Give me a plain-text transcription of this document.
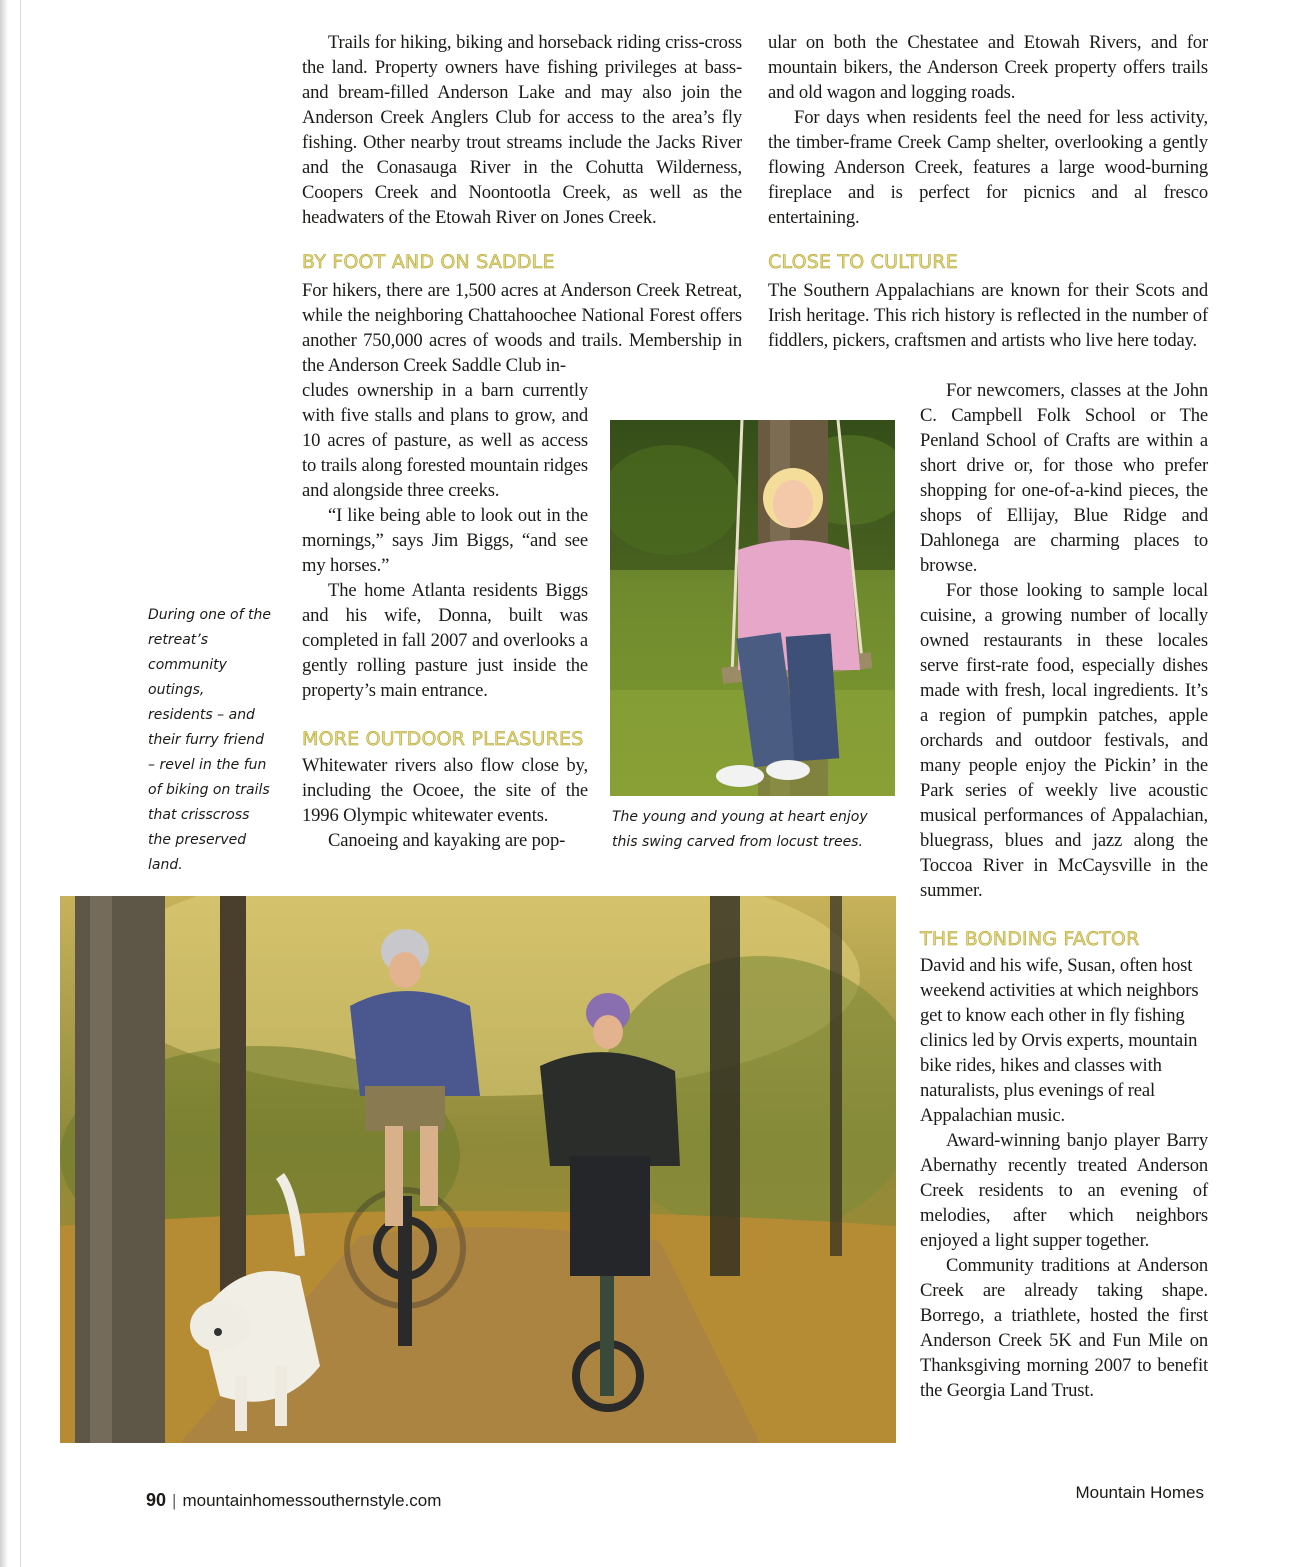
Trails for hiking, biking and horseback riding criss-cross the land. Property owners have fishing privileges at bass- and bream-filled Anderson Lake and may also join the Anderson Creek Anglers Club for access to the area’s fly fishing. Other nearby trout streams include the Jacks River and the Conasauga River in the Cohutta Wilderness, Coopers Creek and Noontootla Creek, as well as the headwaters of the Etowah River on Jones Creek.

BY FOOT AND ON SADDLE

For hikers, there are 1,500 acres at Anderson Creek Retreat, while the neighboring Chattahoochee National Forest offers another 750,000 acres of woods and trails. Membership in the Anderson Creek Saddle Club in-

cludes ownership in a barn currently with five stalls and plans to grow, and 10 acres of pasture, as well as access to trails along forested mountain ridges and alongside three creeks.

“I like being able to look out in the mornings,” says Jim Biggs, “and see my horses.”

The home Atlanta residents Biggs and his wife, Donna, built was completed in fall 2007 and overlooks a gently rolling pasture just inside the property’s main entrance.

MORE OUTDOOR PLEASURES

Whitewater rivers also flow close by, including the Ocoee, the site of the 1996 Olympic whitewater events.

Canoeing and kayaking are pop-

ular on both the Chestatee and Etowah Rivers, and for mountain bikers, the Anderson Creek property offers trails and old wagon and logging roads.

For days when residents feel the need for less activity, the timber-frame Creek Camp shelter, overlooking a gently flowing Anderson Creek, features a large wood-burning fireplace and is perfect for picnics and al fresco entertaining.

CLOSE TO CULTURE

The Southern Appalachians are known for their Scots and Irish heritage. This rich history is reflected in the number of fiddlers, pickers, craftsmen and artists who live here today.

For newcomers, classes at the John C. Campbell Folk School or The Penland School of Crafts are within a short drive or, for those who prefer shopping for one-of-a-kind pieces, the shops of Ellijay, Blue Ridge and Dahlonega are charming places to browse.

For those looking to sample local cuisine, a growing number of locally owned restaurants in these locales serve first-rate food, especially dishes made with fresh, local ingredients. It’s a region of pumpkin patches, apple orchards and outdoor festivals, and many people enjoy the Pickin’ in the Park series of weekly live acoustic musical performances of Appalachian, bluegrass, blues and jazz along the Toccoa River in McCaysville in the summer.

THE BONDING FACTOR

David and his wife, Susan, often host weekend activities at which neighbors get to know each other in fly fishing clinics led by Orvis experts, mountain bike rides, hikes and classes with naturalists, plus evenings of real Appalachian music.

Award-winning banjo player Barry Abernathy recently treated Anderson Creek residents to an evening of melodies, after which neighbors enjoyed a light supper together.

Community traditions at Anderson Creek are already taking shape. Borrego, a triathlete, hosted the first Anderson Creek 5K and Fun Mile on Thanksgiving morning 2007 to benefit the Georgia Land Trust.

The young and young at heart enjoy this swing carved from locust trees.

During one of the retreat’s community outings, residents – and their furry friend – revel in the fun of biking on trails that crisscross the preserved land.

90 | mountainhomessouthernstyle.com	Mountain Homes
